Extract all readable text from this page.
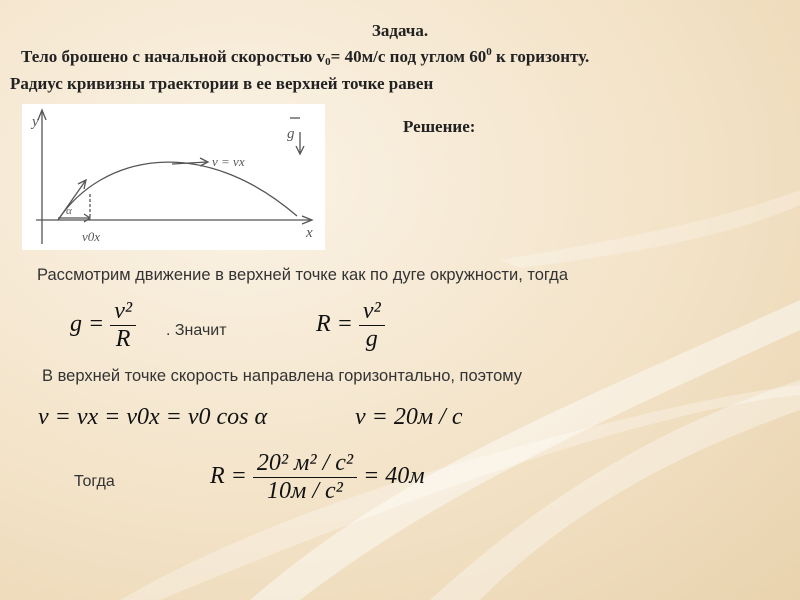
Задача.
Тело брошено с начальной скоростью $v_0= 40м/с$ под углом $60^0$ к горизонту.
Радиус кривизны траектории в ее верхней точке равен
y
x
g
v = vx
α
v0x
Решение:
Рассмотрим движение в верхней точке как по дуге окружности, тогда
$g = \frac{\text{v²}}{R}$ . Значит	$R = \frac{\text{v²}}{g}$
В верхней точке скорость направлена горизонтально, поэтому
v = vx = v0x = v0 cos α	v = 20м / с
Тогда	$R = \frac{\text{20² м² / с²}}{\text{10м / с²}} = 40м$
